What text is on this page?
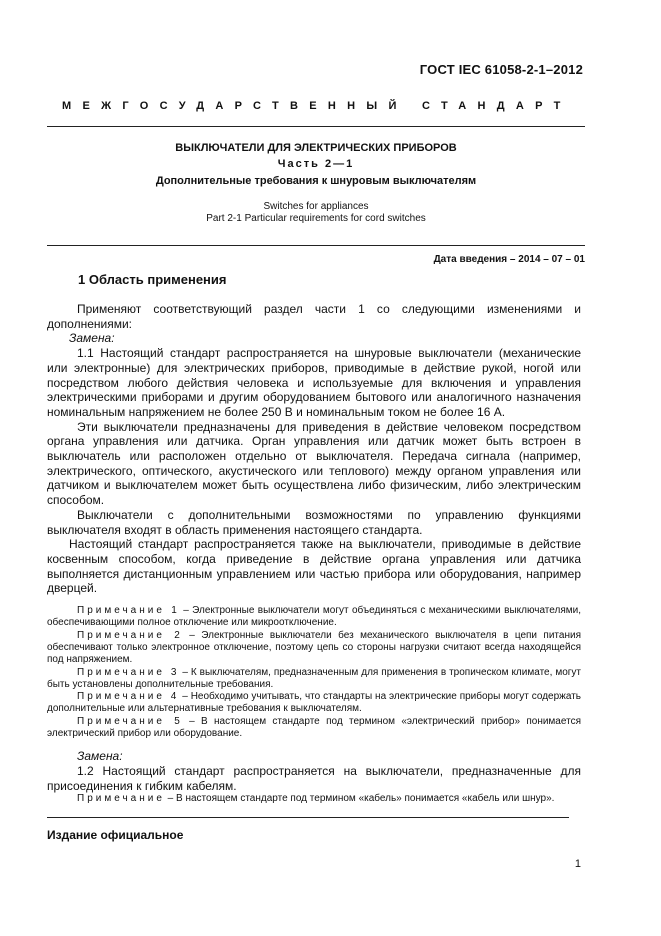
ГОСТ IEC 61058-2-1–2012
МЕЖГОСУДАРСТВЕННЫЙ СТАНДАРТ
ВЫКЛЮЧАТЕЛИ ДЛЯ ЭЛЕКТРИЧЕСКИХ ПРИБОРОВ
Часть 2—1
Дополнительные требования к шнуровым выключателям
Switches for appliances
Part 2-1 Particular requirements for cord switches
Дата введения – 2014 – 07 – 01
1 Область применения

Применяют соответствующий раздел части 1 со следующими изменениями и дополнениями:

Замена:

1.1 Настоящий стандарт распространяется на шнуровые выключатели (механические или электронные) для электрических приборов, приводимые в действие рукой, ногой или посредством любого действия человека и используемые для включения и управления электрическими приборами и другим оборудованием бытового или аналогичного назначения номинальным напряжением не более 250 В и номинальным током не более 16 А.

Эти выключатели предназначены для приведения в действие человеком посредством органа управления или датчика. Орган управления или датчик может быть встроен в выключатель или расположен отдельно от выключателя. Передача сигнала (например, электрического, оптического, акустического или теплового) между органом управления или датчиком и выключателем может быть осуществлена либо физическим, либо электрическим способом.

Выключатели с дополнительными возможностями по управлению функциями выключателя входят в область применения настоящего стандарта.

Настоящий стандарт распространяется также на выключатели, приводимые в действие косвенным способом, когда приведение в действие органа управления или датчика выполняется дистанционным управлением или частью прибора или оборудования, например дверцей.

Примечание 1 – Электронные выключатели могут объединяться с механическими выключателями, обеспечивающими полное отключение или микроотключение.

Примечание 2 – Электронные выключатели без механического выключателя в цепи питания обеспечивают только электронное отключение, поэтому цепь со стороны нагрузки считают всегда находящейся под напряжением.

Примечание 3 – К выключателям, предназначенным для применения в тропическом климате, могут быть установлены дополнительные требования.

Примечание 4 – Необходимо учитывать, что стандарты на электрические приборы могут содержать дополнительные или альтернативные требования к выключателям.

Примечание 5 – В настоящем стандарте под термином «электрический прибор» понимается электрический прибор или оборудование.

Замена:

1.2 Настоящий стандарт распространяется на выключатели, предназначенные для присоединения к гибким кабелям.

Примечание – В настоящем стандарте под термином «кабель» понимается «кабель или шнур».

Издание официальное
1
